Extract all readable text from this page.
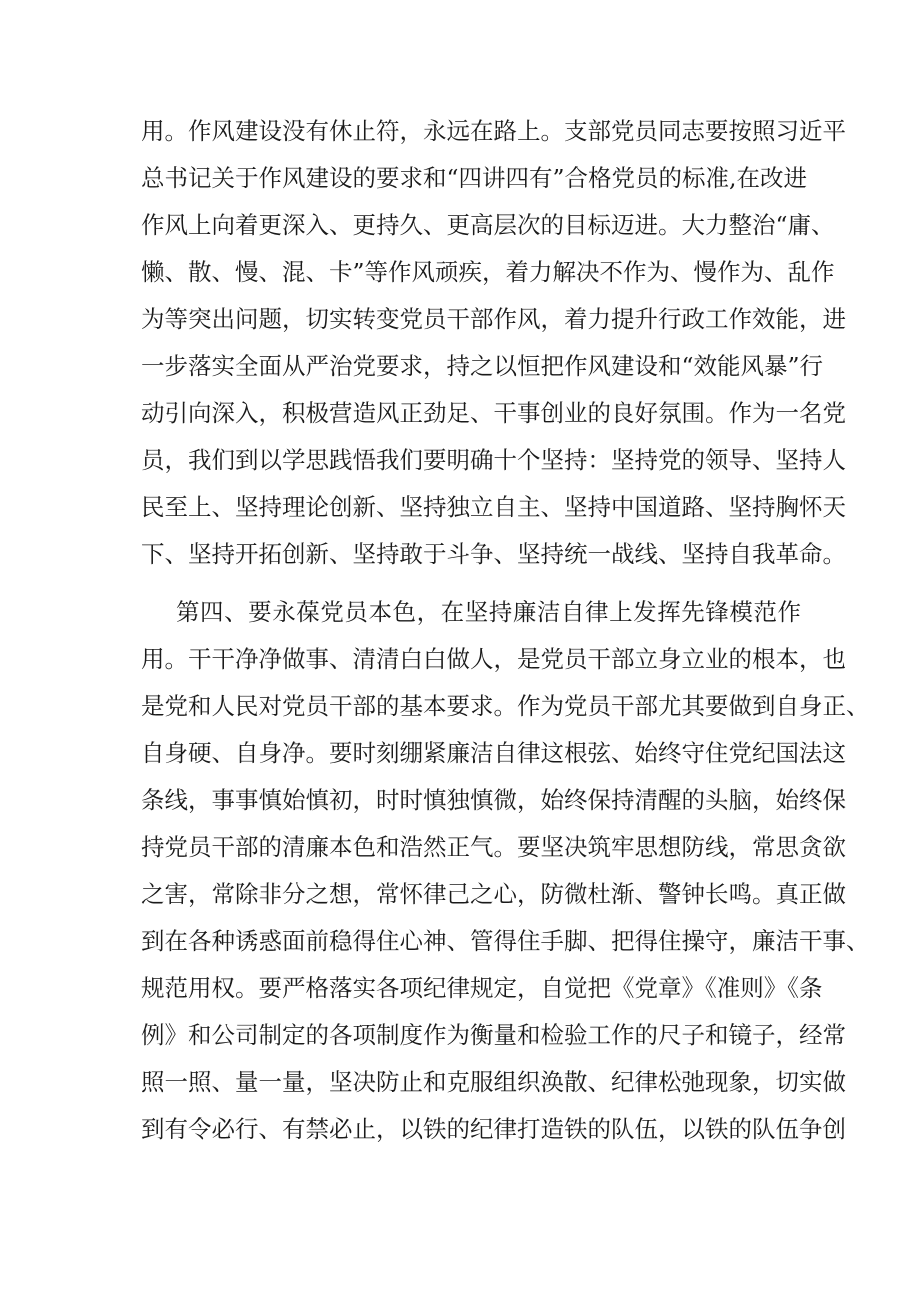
用。作风建设没有休止符，永远在路上。支部党员同志要按照习近平
总书记关于作风建设的要求和“四讲四有”合格党员的标准,在改进
作风上向着更深入、更持久、更高层次的目标迈进。大力整治“庸、
懒、散、慢、混、卡”等作风顽疾，着力解决不作为、慢作为、乱作
为等突出问题，切实转变党员干部作风，着力提升行政工作效能，进
一步落实全面从严治党要求，持之以恒把作风建设和“效能风暴”行
动引向深入，积极营造风正劲足、干事创业的良好氛围。作为一名党
员，我们到以学思践悟我们要明确十个坚持：坚持党的领导、坚持人
民至上、坚持理论创新、坚持独立自主、坚持中国道路、坚持胸怀天
下、坚持开拓创新、坚持敢于斗争、坚持统一战线、坚持自我革命。
第四、要永葆党员本色，在坚持廉洁自律上发挥先锋模范作
用。干干净净做事、清清白白做人，是党员干部立身立业的根本，也
是党和人民对党员干部的基本要求。作为党员干部尤其要做到自身正、
自身硬、自身净。要时刻绷紧廉洁自律这根弦、始终守住党纪国法这
条线，事事慎始慎初，时时慎独慎微，始终保持清醒的头脑，始终保
持党员干部的清廉本色和浩然正气。要坚决筑牢思想防线，常思贪欲
之害，常除非分之想，常怀律己之心，防微杜渐、警钟长鸣。真正做
到在各种诱惑面前稳得住心神、管得住手脚、把得住操守，廉洁干事、
规范用权。要严格落实各项纪律规定，自觉把《党章》《准则》《条
例》和公司制定的各项制度作为衡量和检验工作的尺子和镜子，经常
照一照、量一量，坚决防止和克服组织涣散、纪律松弛现象，切实做
到有令必行、有禁必止，以铁的纪律打造铁的队伍，以铁的队伍争创
